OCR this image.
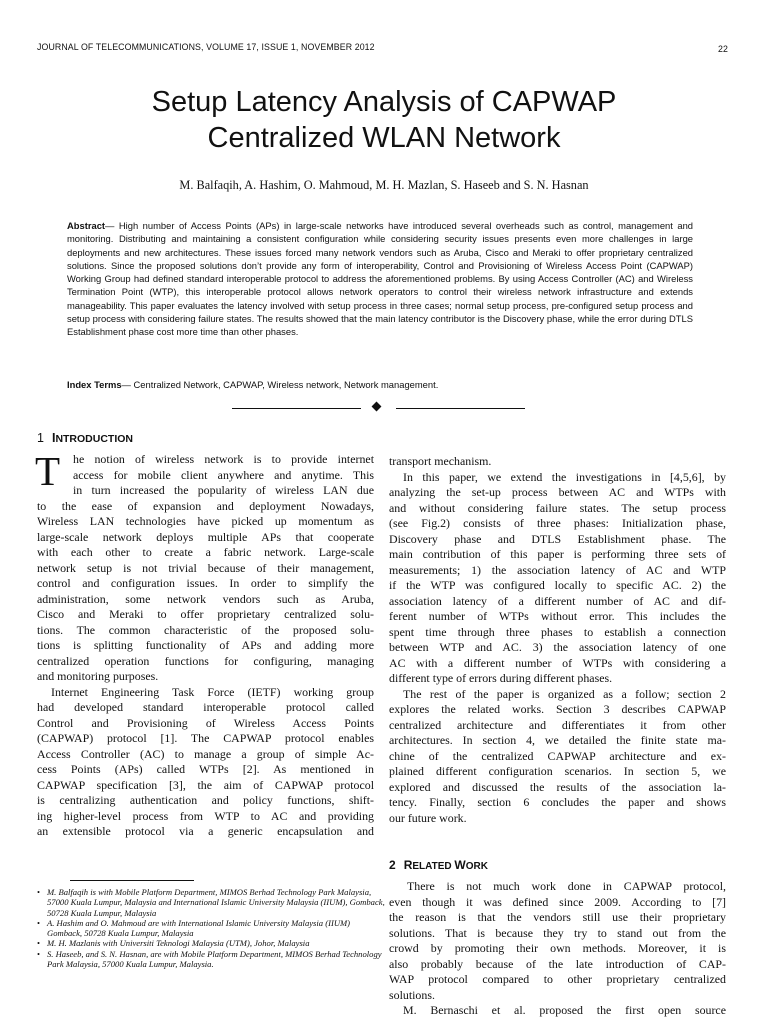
JOURNAL OF TELECOMMUNICATIONS, VOLUME 17, ISSUE 1, NOVEMBER 2012	22
Setup Latency Analysis of CAPWAP
Centralized WLAN Network
M. Balfaqih, A. Hashim, O. Mahmoud, M. H. Mazlan, S. Haseeb and S. N. Hasnan
Abstract— High number of Access Points (APs) in large-scale networks have introduced several overheads such as control, management and monitoring. Distributing and maintaining a consistent configuration while considering security issues presents even more challenges in large deployments and new architectures. These issues forced many network vendors such as Aruba, Cisco and Meraki to offer proprietary centralized solutions. Since the proposed solutions don’t provide any form of interoperability, Control and Provisioning of Wireless Access Point (CAPWAP) Working Group had defined standard interoperable protocol to address the aforementioned problems. By using Access Controller (AC) and Wireless Termination Point (WTP), this interoperable protocol allows network operators to control their wireless network infrastructure and extends manageability. This paper evaluates the latency involved with setup process in three cases; normal setup process, pre-configured setup process and setup process with considering failure states. The results showed that the main latency contributor is the Discovery phase, while the error during DTLS Establishment phase cost more time than other phases.
Index Terms— Centralized Network, CAPWAP, Wireless network, Network management.
1 INTRODUCTION
T	he notion of wireless network is to provide internet
access for mobile client anywhere and anytime. This
in turn increased the popularity of wireless LAN due
to the ease of expansion and deployment Nowadays,
Wireless LAN technologies have picked up momentum as
large-scale network deploys multiple APs that cooperate
with each other to create a fabric network. Large-scale
network setup is not trivial because of their management,
control and configuration issues. In order to simplify the
administration, some network vendors such as Aruba,
Cisco and Meraki to offer proprietary centralized solu-
tions. The common characteristic of the proposed solu-
tions is splitting functionality of APs and adding more
centralized operation functions for configuring, managing
and monitoring purposes.
Internet Engineering Task Force (IETF) working group
had developed standard interoperable protocol called
Control and Provisioning of Wireless Access Points
(CAPWAP) protocol [1]. The CAPWAP protocol enables
Access Controller (AC) to manage a group of simple Ac-
cess Points (APs) called WTPs [2]. As mentioned in
CAPWAP specification [3], the aim of CAPWAP protocol
is centralizing authentication and policy functions, shift-
ing higher-level process from WTP to AC and providing
an extensible protocol via a generic encapsulation and
transport mechanism.
In this paper, we extend the investigations in [4,5,6], by
analyzing the set-up process between AC and WTPs with
and without considering failure states. The setup process
(see Fig.2) consists of three phases: Initialization phase,
Discovery phase and DTLS Establishment phase. The
main contribution of this paper is performing three sets of
measurements; 1) the association latency of AC and WTP
if the WTP was configured locally to specific AC. 2) the
association latency of a different number of AC and dif-
ferent number of WTPs without error. This includes the
spent time through three phases to establish a connection
between WTP and AC. 3) the association latency of one
AC with a different number of WTPs with considering a
different type of errors during different phases.
The rest of the paper is organized as a follow; section 2
explores the related works. Section 3 describes CAPWAP
centralized architecture and differentiates it from other
architectures. In section 4, we detailed the finite state ma-
chine of the centralized CAPWAP architecture and ex-
plained different configuration scenarios. In section 5, we
explored and discussed the results of the association la-
tency. Finally, section 6 concludes the paper and shows
our future work.
2 RELATED WORK
There is not much work done in CAPWAP protocol,
even though it was defined since 2009. According to [7]
the reason is that the vendors still use their proprietary
solutions. That is because they try to stand out from the
crowd by promoting their own methods. Moreover, it is
also probably because of the late introduction of CAP-
WAP protocol compared to other proprietary centralized
solutions.
M. Bernaschi et al. proposed the first open source
• M. Balfaqih is with Mobile Platform Department, MIMOS Berhad Technology Park Malaysia, 57000 Kuala Lumpur, Malaysia and International Islamic University Malaysia (IIUM), Gomback, 50728 Kuala Lumpur, Malaysia
• A. Hashim and O. Mahmoud are with International Islamic University Malaysia (IIUM) Gomback, 50728 Kuala Lumpur, Malaysia
• M. H. Mazlanis with Universiti Teknologi Malaysia (UTM), Johor, Malaysia
• S. Haseeb, and S. N. Hasnan, are with Mobile Platform Department, MIMOS Berhad Technology Park Malaysia, 57000 Kuala Lumpur, Malaysia.
